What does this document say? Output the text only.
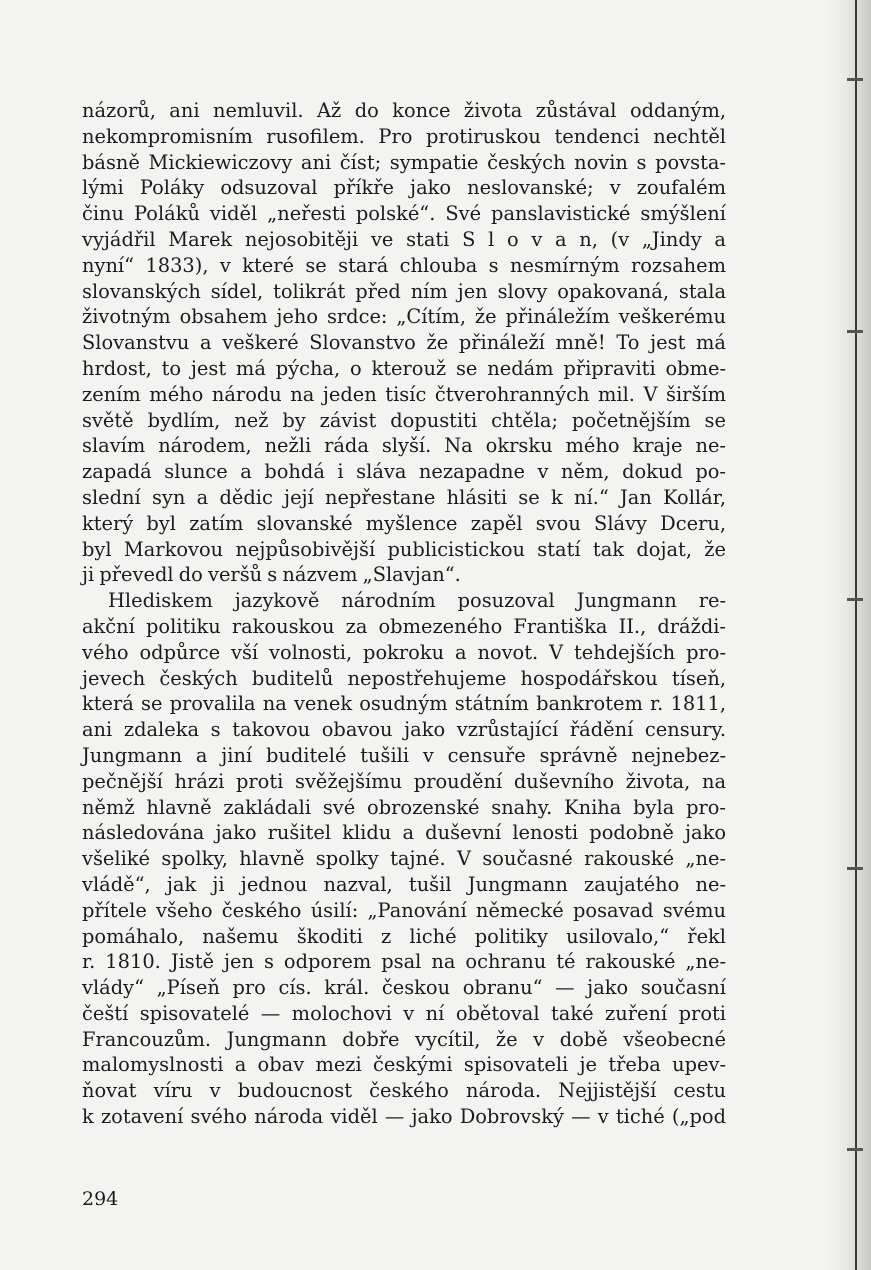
názorů, ani nemluvil. Až do konce života zůstával oddaným,
nekompromisním rusofilem. Pro protiruskou tendenci nechtěl
básně Mickiewiczovy ani číst; sympatie českých novin s povsta-
lými Poláky odsuzoval příkře jako neslovanské; v zoufalém
činu Poláků viděl „neřesti polské“. Své panslavistické smýšlení
vyjádřil Marek nejosobitěji ve stati S l o v a n, (v „Jindy a
nyní“ 1833), v které se stará chlouba s nesmírným rozsahem
slovanských sídel, tolikrát před ním jen slovy opakovaná, stala
životným obsahem jeho srdce: „Cítím, že přináležím veškerému
Slovanstvu a veškeré Slovanstvo že přináleží mně! To jest má
hrdost, to jest má pýcha, o kterouž se nedám připraviti obme-
zením mého národu na jeden tisíc čtverohranných mil. V širším
světě bydlím, než by závist dopustiti chtěla; početnějším se
slavím národem, nežli ráda slyší. Na okrsku mého kraje ne-
zapadá slunce a bohdá i sláva nezapadne v něm, dokud po-
slední syn a dědic její nepřestane hlásiti se k ní.“ Jan Kollár,
který byl zatím slovanské myšlence zapěl svou Slávy Dceru,
byl Markovou nejpůsobivější publicistickou statí tak dojat, že
ji převedl do veršů s názvem „Slavjan“.
Hlediskem jazykově národním posuzoval Jungmann re-
akční politiku rakouskou za obmezeného Františka II., dráždi-
vého odpůrce vší volnosti, pokroku a novot. V tehdejších pro-
jevech českých buditelů nepostřehujeme hospodářskou tíseň,
která se provalila na venek osudným státním bankrotem r. 1811,
ani zdaleka s takovou obavou jako vzrůstající řádění censury.
Jungmann a jiní buditelé tušili v censuře správně nejnebez-
pečnější hrázi proti svěžejšímu proudění duševního života, na
němž hlavně zakládali své obrozenské snahy. Kniha byla pro-
následována jako rušitel klidu a duševní lenosti podobně jako
všeliké spolky, hlavně spolky tajné. V současné rakouské „ne-
vládě“, jak ji jednou nazval, tušil Jungmann zaujatého ne-
přítele všeho českého úsilí: „Panování německé posavad svému
pomáhalo, našemu škoditi z liché politiky usilovalo,“ řekl
r. 1810. Jistě jen s odporem psal na ochranu té rakouské „ne-
vlády“ „Píseň pro cís. král. českou obranu“ — jako současní
čeští spisovatelé — molochovi v ní obětoval také zuření proti
Francouzům. Jungmann dobře vycítil, že v době všeobecné
malomyslnosti a obav mezi českými spisovateli je třeba upev-
ňovat víru v budoucnost českého národa. Nejjistější cestu
k zotavení svého národa viděl — jako Dobrovský — v tiché („pod
294
